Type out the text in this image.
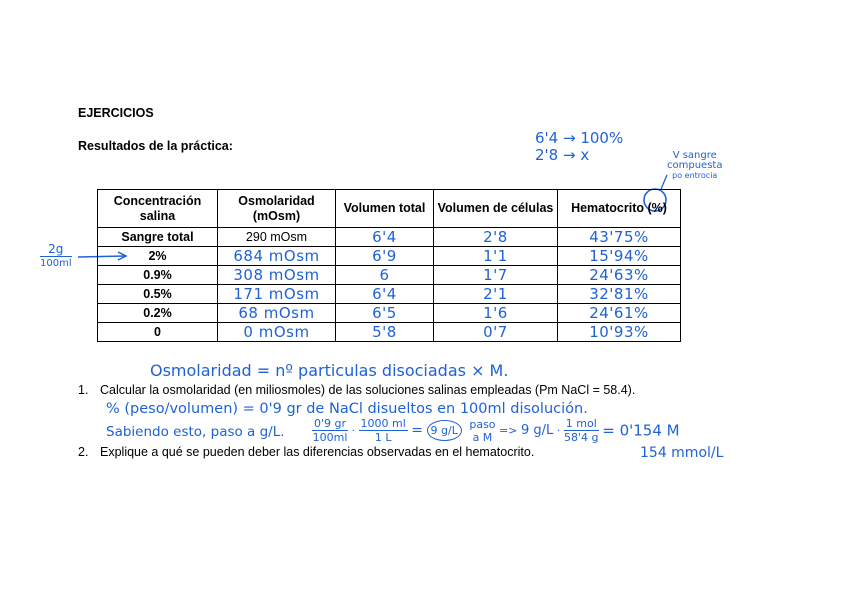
EJERCICIOS
Resultados de la práctica:	6'4 → 100%
2'8 → x	V sangre
compuesta
po entrocia
$\frac{2g}{100ml}$
Concentración salina	Osmolaridad (mOsm)	Volumen total	Volumen de células	Hematocrito (%)
Sangre total	290 mOsm	6'4	2'8	43'75%
2%	684 mOsm	6'9	1'1	15'94%
0.9%	308 mOsm	6	1'7	24'63%
0.5%	171 mOsm	6'4	2'1	32'81%
0.2%	68 mOsm	6'5	1'6	24'61%
0	0 mOsm	5'8	0'7	10'93%
Osmolaridad = nº particulas disociadas × M.
1. Calcular la osmolaridad (en miliosmoles) de las soluciones salinas empleadas (Pm NaCl = 58.4).
% (peso/volumen) = 0'9 gr de NaCl disueltos en 100ml disolución.
Sabiendo esto, paso a g/L. $\frac{0'9 gr}{100ml} \cdot \frac{1000 ml}{1 L} = 9$ g/L paso
a M => 9 $g/L \cdot \frac{\text{1 mol}}{58'4 g} = 0'154$ M
154 mmol/L
2. Explique a qué se pueden deber las diferencias observadas en el hematocrito.
